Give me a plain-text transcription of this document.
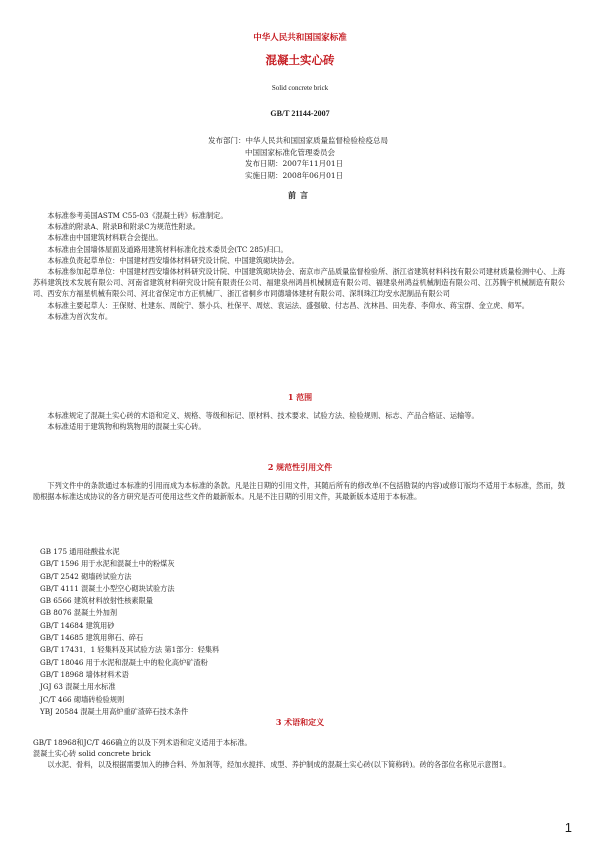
中华人民共和国国家标准
混凝土实心砖
Solid concrete brick
GB/T 21144-2007
发布部门： 中华人民共和国国家质量监督检验检疫总局
中国国家标准化管理委员会
发布日期：2007年11月01日
实施日期：2008年06月01日
前言

本标准参考美国ASTM C55-03《混凝土砖》标准制定。

本标准的附录A、附录B和附录C为规范性附录。

本标准由中国建筑材料联合会提出。

本标准由全国墙体屋面及道路用建筑材料标准化技术委员会(TC 285)归口。

本标准负责起草单位：中国建材西安墙体材料研究设计院、中国建筑砌块协会。

本标准参加起草单位：中国建材西安墙体材料研究设计院、中国建筑砌块协会、南京市产品质量监督检验所、浙江省建筑材料科技有限公司建材质量检测中心、上海苏科建筑技术发展有限公司、河南省建筑材料研究设计院有限责任公司、福建泉州鸿昌机械制造有限公司、福建泉州鸿益机械制造有限公司、江苏腾宇机械制造有限公司、西安东方福星机械有限公司、河北省保定市方正机械厂、浙江省桐乡市同德墙体建材有限公司、深圳珠江均安水泥制品有限公司

本标准主要起草人：王保财、杜建东、周皖宁、蔡小兵、杜保平、周炫、袁运法、盛强敏、付志昌、沈林昌、田先春、李仰水、蒋宝群、金立虎、师军。

本标准为首次发布。

1 范围

本标准规定了混凝土实心砖的术语和定义、规格、等级和标记、原材料、技术要求、试验方法、检验规则、标志、产品合格证、运输等。

本标准适用于建筑物和构筑物用的混凝土实心砖。

2 规范性引用文件

下列文件中的条款通过本标准的引用而成为本标准的条款。凡是注日期的引用文件，其随后所有的修改单(不包括勘误的内容)或修订版均不适用于本标准，然而，鼓励根据本标准达成协议的各方研究是否可使用这些文件的最新版本。凡是不注日期的引用文件，其最新版本适用于本标准。

GB 175 通用硅酸盐水泥
GB/T 1596 用于水泥和混凝土中的粉煤灰
GB/T 2542 砌墙砖试验方法
GB/T 4111 混凝土小型空心砌块试验方法
GB 6566 建筑材料放射性核素限量
GB 8076 混凝土外加剂
GB/T 14684 建筑用砂
GB/T 14685 建筑用卵石、碎石
GB/T 17431．1 轻集料及其试验方法 第1部分：轻集料
GB/T 18046 用于水泥和混凝土中的粒化高炉矿渣粉
GB/T 18968 墙体材料术语
JGJ 63 混凝土用水标准
JC/T 466 砌墙砖检验规则
YBJ 20584 混凝土用高炉重矿渣碎石技术条件
3 术语和定义

GB/T 18968和JC/T 466确立的以及下列术语和定义适用于本标准。

混凝土实心砖 solid concrete brick

以水泥、骨料，以及根据需要加入的掺合料、外加剂等，经加水搅拌、成型、养护制成的混凝土实心砖(以下简称砖)。砖的各部位名称见示意图1。

1
